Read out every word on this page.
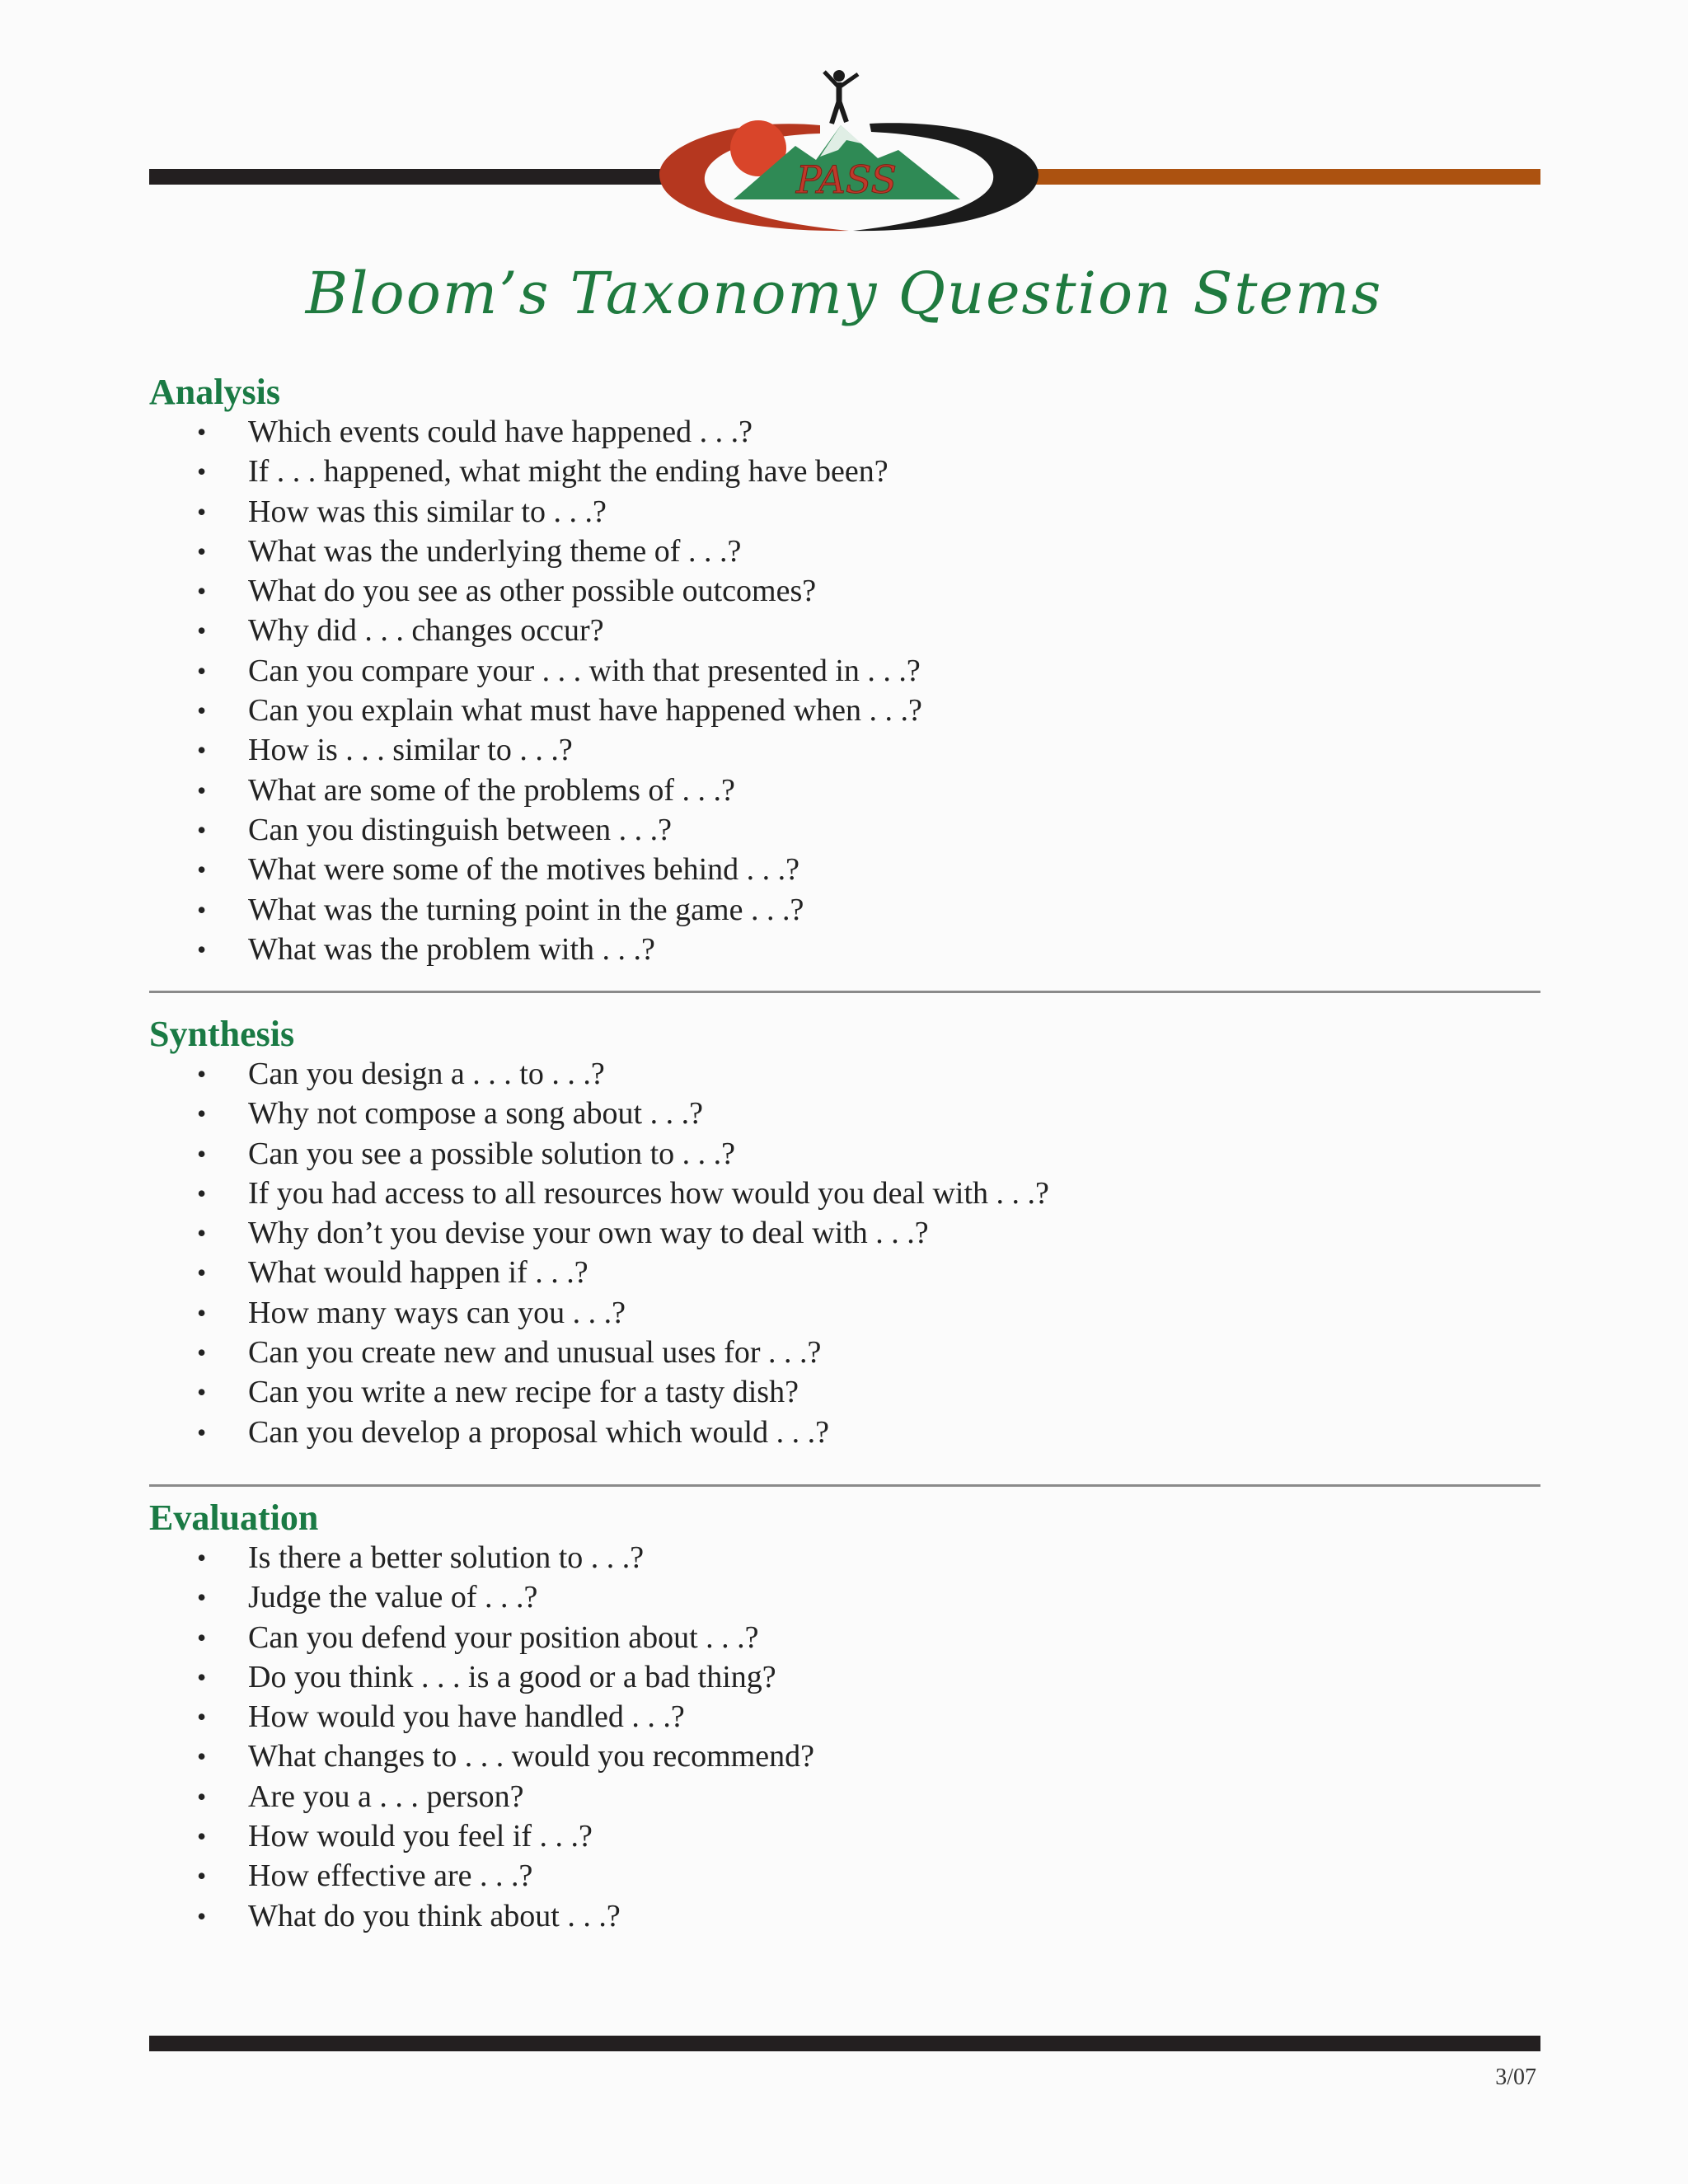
PASS
Bloom’s Taxonomy Question Stems
Analysis
• Which events could have happened . . .?
• If . . . happened, what might the ending have been?
• How was this similar to . . .?
• What was the underlying theme of . . .?
• What do you see as other possible outcomes?
• Why did . . . changes occur?
• Can you compare your . . . with that presented in . . .?
• Can you explain what must have happened when . . .?
• How is . . . similar to . . .?
• What are some of the problems of . . .?
• Can you distinguish between . . .?
• What were some of the motives behind . . .?
• What was the turning point in the game . . .?
• What was the problem with . . .?
Synthesis
• Can you design a . . . to . . .?
• Why not compose a song about . . .?
• Can you see a possible solution to . . .?
• If you had access to all resources how would you deal with . . .?
• Why don’t you devise your own way to deal with . . .?
• What would happen if . . .?
• How many ways can you . . .?
• Can you create new and unusual uses for . . .?
• Can you write a new recipe for a tasty dish?
• Can you develop a proposal which would . . .?
Evaluation
• Is there a better solution to . . .?
• Judge the value of . . .?
• Can you defend your position about . . .?
• Do you think . . . is a good or a bad thing?
• How would you have handled . . .?
• What changes to . . . would you recommend?
• Are you a . . . person?
• How would you feel if . . .?
• How effective are . . .?
• What do you think about . . .?
3/07
